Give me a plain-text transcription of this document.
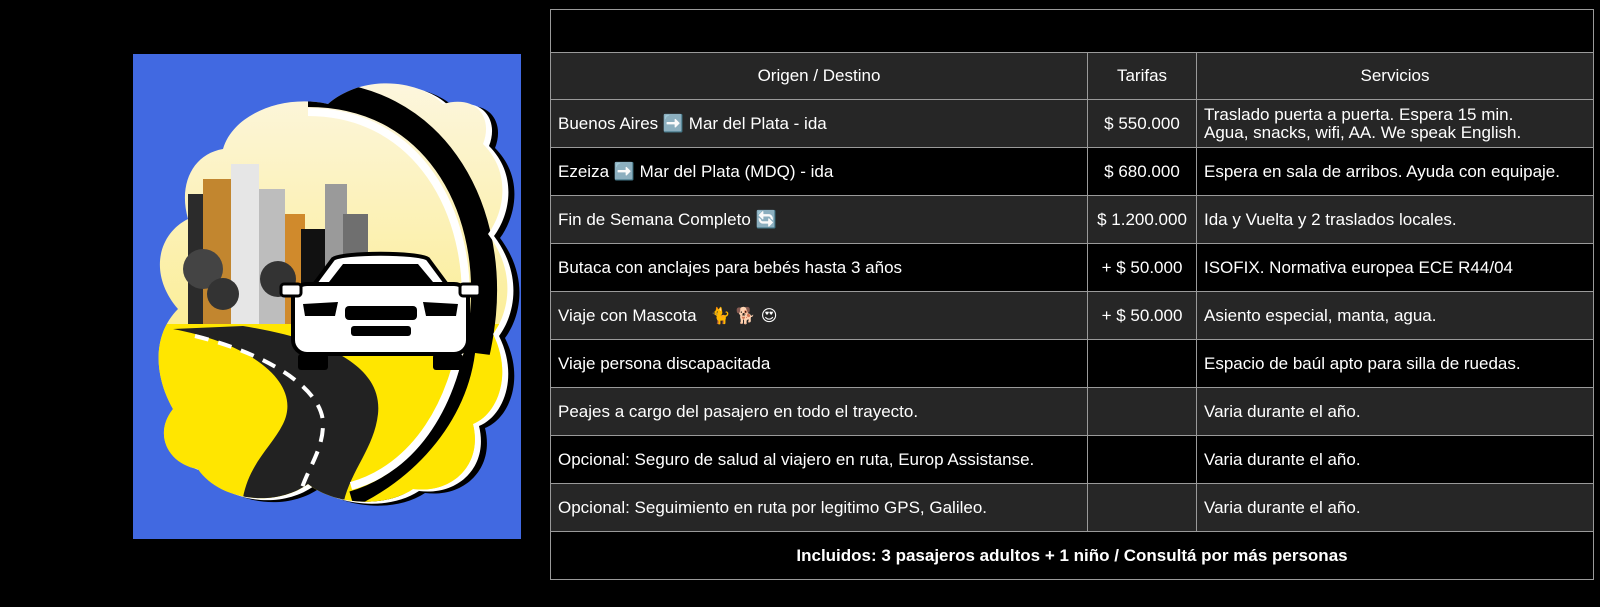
Origen / Destino	Tarifas	Servicios
Buenos Aires ➡️ Mar del Plata - ida	$ 550.000	Traslado puerta a puerta. Espera 15 min.
Agua, snacks, wifi, AA. We speak English.

Ezeiza ➡️ Mar del Plata (MDQ) - ida	$ 680.000	Espera en sala de arribos. Ayuda con equipaje.
Fin de Semana Completo 🔄	$ 1.200.000	Ida y Vuelta y 2 traslados locales.
Butaca con anclajes para bebés hasta 3 años	+ $ 50.000	ISOFIX. Normativa europea ECE R44/04
Viaje con Mascota 🐈 🐕 😍	+ $ 50.000	Asiento especial, manta, agua.
Viaje persona discapacitada		Espacio de baúl apto para silla de ruedas.
Peajes a cargo del pasajero en todo el trayecto.		Varia durante el año.
Opcional: Seguro de salud al viajero en ruta, Europ Assistanse.		Varia durante el año.
Opcional: Seguimiento en ruta por legitimo GPS, Galileo.		Varia durante el año.
Incluidos: 3 pasajeros adultos + 1 niño / Consultá por más personas		
